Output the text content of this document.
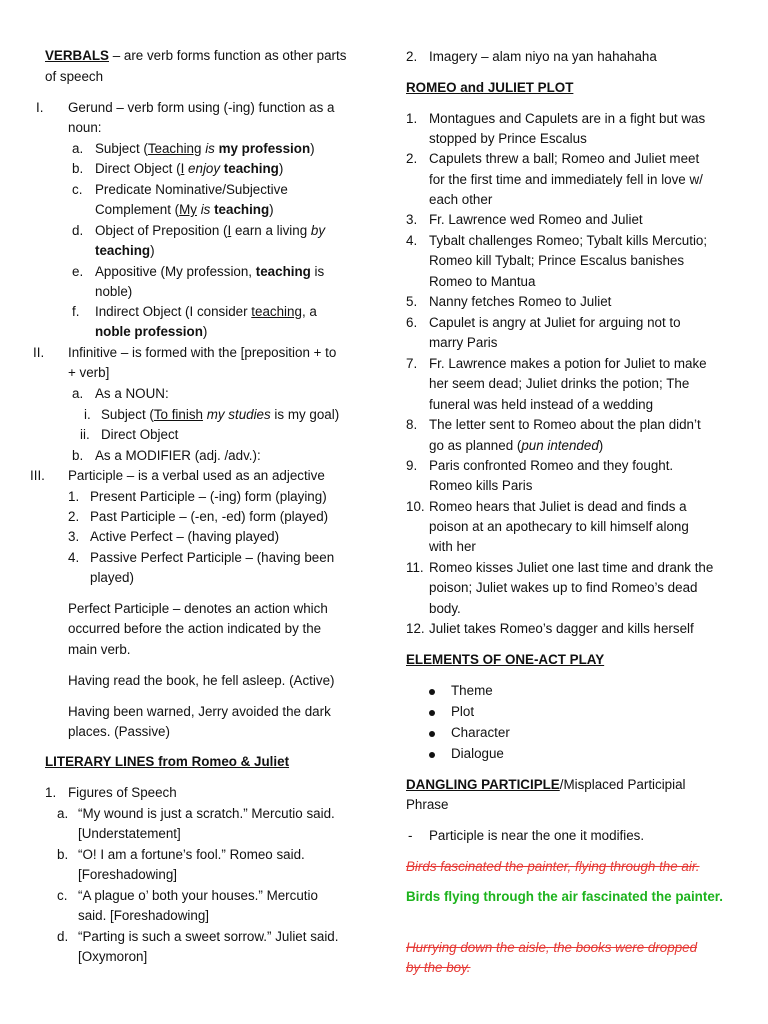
VERBALS – are verb forms function as other parts
of speech
I. Gerund – verb form using (-ing) function as a
noun:
a. Subject (Teaching is my profession)
b. Direct Object (I enjoy teaching)
c. Predicate Nominative/Subjective
Complement (My is teaching)
d. Object of Preposition (I earn a living by
teaching)
e. Appositive (My profession, teaching is
noble)
f. Indirect Object (I consider teaching, a
noble profession)
II. Infinitive – is formed with the [preposition + to
+ verb]
a. As a NOUN:
i. Subject (To finish my studies is my goal)
ii. Direct Object
b. As a MODIFIER (adj. /adv.):
III. Participle – is a verbal used as an adjective
1. Present Participle – (-ing) form (playing)
2. Past Participle – (-en, -ed) form (played)
3. Active Perfect – (having played)
4. Passive Perfect Participle – (having been
played)
Perfect Participle – denotes an action which
occurred before the action indicated by the
main verb.
Having read the book, he fell asleep. (Active)
Having been warned, Jerry avoided the dark
places. (Passive)
LITERARY LINES from Romeo & Juliet
1. Figures of Speech
a. “My wound is just a scratch.” Mercutio said.
[Understatement]
b. “O! I am a fortune’s fool.” Romeo said.
[Foreshadowing]
c. “A plague o’ both your houses.” Mercutio
said. [Foreshadowing]
d. “Parting is such a sweet sorrow.” Juliet said.
[Oxymoron]
2. Imagery – alam niyo na yan hahahaha
ROMEO and JULIET PLOT
1. Montagues and Capulets are in a fight but was
stopped by Prince Escalus
2. Capulets threw a ball; Romeo and Juliet meet
for the first time and immediately fell in love w/
each other
3. Fr. Lawrence wed Romeo and Juliet
4. Tybalt challenges Romeo; Tybalt kills Mercutio;
Romeo kill Tybalt; Prince Escalus banishes
Romeo to Mantua
5. Nanny fetches Romeo to Juliet
6. Capulet is angry at Juliet for arguing not to
marry Paris
7. Fr. Lawrence makes a potion for Juliet to make
her seem dead; Juliet drinks the potion; The
funeral was held instead of a wedding
8. The letter sent to Romeo about the plan didn’t
go as planned (pun intended)
9. Paris confronted Romeo and they fought.
Romeo kills Paris
10. Romeo hears that Juliet is dead and finds a
poison at an apothecary to kill himself along
with her
11. Romeo kisses Juliet one last time and drank the
poison; Juliet wakes up to find Romeo’s dead
body.
12. Juliet takes Romeo’s dagger and kills herself
ELEMENTS OF ONE-ACT PLAY
Theme
Plot
Character
Dialogue
DANGLING PARTICIPLE/Misplaced Participial
Phrase
- Participle is near the one it modifies.
Birds fascinated the painter, flying through the air.
Birds flying through the air fascinated the painter.
Hurrying down the aisle, the books were dropped
by the boy.
